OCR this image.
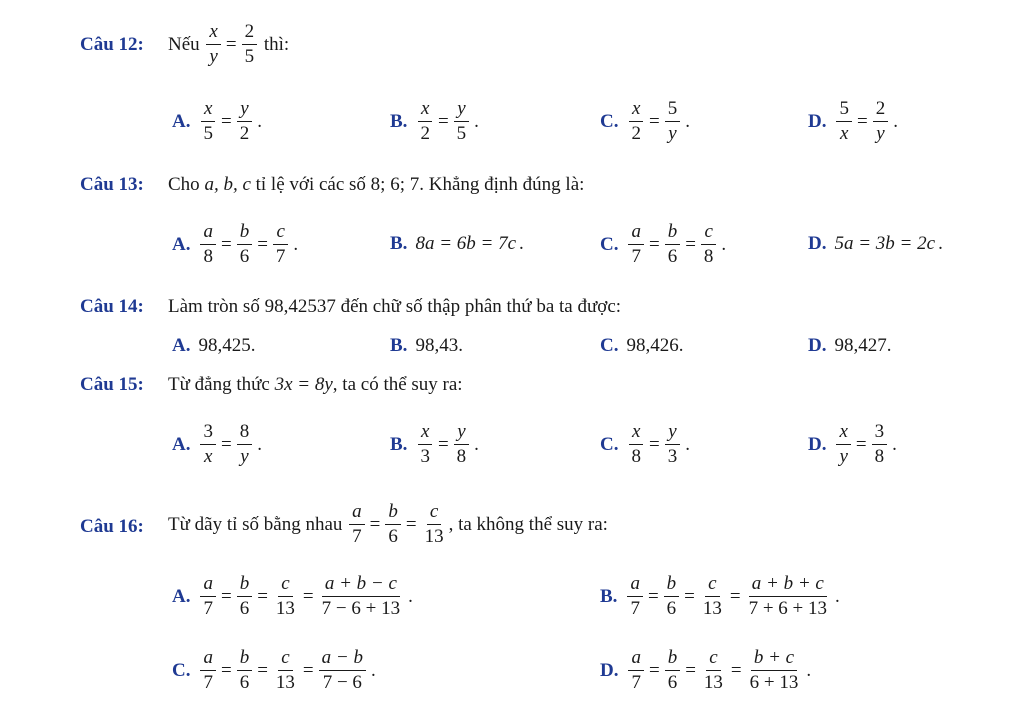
Câu 12: Nếu
$\frac{x}{y} = \frac{2}{5}$
thì:
A. $\frac{x}{5} = \frac{y}{2}$ .	B. $\frac{x}{2} = \frac{y}{5}$ .	C. $\frac{x}{2} = \frac{5}{y}$ .	D. $\frac{5}{x} = \frac{2}{y}$ .
Câu 13: Cho
a, b, c
tỉ lệ với các số
8; 6; 7 . Khẳng định đúng là:
A. $\frac{a}{8} = \frac{b}{6} = \frac{c}{7}$ .	B. 8a = 6b = 7c .	C. $\frac{a}{7} = \frac{b}{6} = \frac{c}{8}$ .	D. 5a = 3b = 2c .
Câu 14: Làm tròn số 98,42537 đến chữ số thập phân thứ ba ta được:
A. 98,425.	B. 98,43.	C. 98,426.	D. 98,427.
Câu 15: Từ đẳng thức
3x = 8y , ta có thể suy ra:
A. $\frac{3}{x} = \frac{8}{y}$ .	B. $\frac{x}{3} = \frac{y}{8}$ .	C. $\frac{x}{8} = \frac{y}{3}$ .	D. $\frac{x}{y} = \frac{3}{8}$ .
Câu 16: Từ dãy tỉ số bằng nhau
$\frac{a}{7} = \frac{b}{6} = \frac{c}{13}$ , ta không thể suy ra:
A. $\frac{a}{7} = \frac{b}{6} = \frac{c}{13} = \frac{a + b - c}{7 - 6 + 13}$ .	B. $\frac{a}{7} = \frac{b}{6} = \frac{c}{13} = \frac{a + b + c}{7 + 6 + 13}$ .
C. $\frac{a}{7} = \frac{b}{6} = \frac{c}{13} = \frac{a - b}{7 - 6}$ .	D. $\frac{a}{7} = \frac{b}{6} = \frac{c}{13} = \frac{b + c}{6 + 13}$ .
